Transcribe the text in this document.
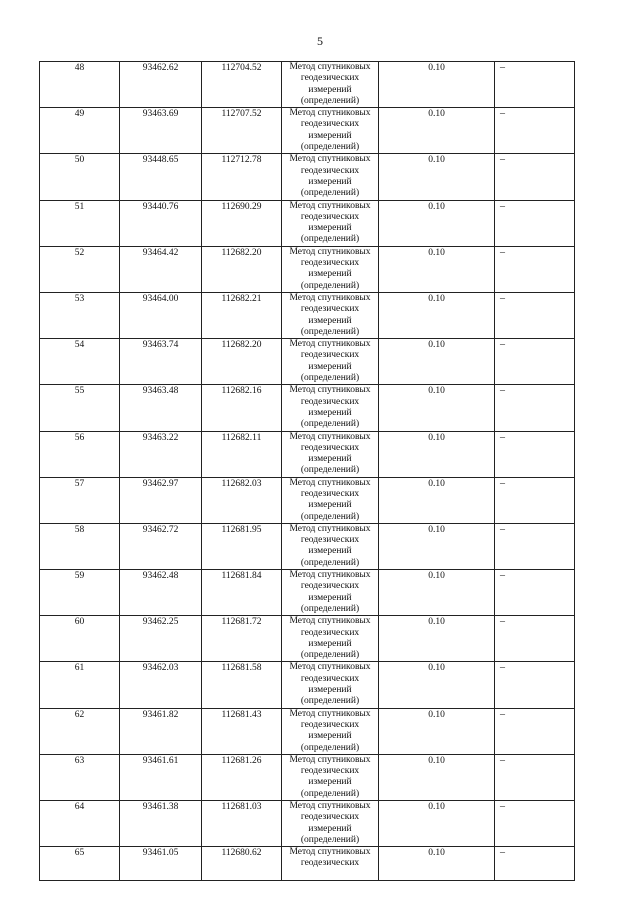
5
48	93462.62	112704.52	Метод спутниковых геодезических измерений (определений)	0.10	–
49	93463.69	112707.52	Метод спутниковых геодезических измерений (определений)	0.10	–
50	93448.65	112712.78	Метод спутниковых геодезических измерений (определений)	0.10	–
51	93440.76	112690.29	Метод спутниковых геодезических измерений (определений)	0.10	–
52	93464.42	112682.20	Метод спутниковых геодезических измерений (определений)	0.10	–
53	93464.00	112682.21	Метод спутниковых геодезических измерений (определений)	0.10	–
54	93463.74	112682.20	Метод спутниковых геодезических измерений (определений)	0.10	–
55	93463.48	112682.16	Метод спутниковых геодезических измерений (определений)	0.10	–
56	93463.22	112682.11	Метод спутниковых геодезических измерений (определений)	0.10	–
57	93462.97	112682.03	Метод спутниковых геодезических измерений (определений)	0.10	–
58	93462.72	112681.95	Метод спутниковых геодезических измерений (определений)	0.10	–
59	93462.48	112681.84	Метод спутниковых геодезических измерений (определений)	0.10	–
60	93462.25	112681.72	Метод спутниковых геодезических измерений (определений)	0.10	–
61	93462.03	112681.58	Метод спутниковых геодезических измерений (определений)	0.10	–
62	93461.82	112681.43	Метод спутниковых геодезических измерений (определений)	0.10	–
63	93461.61	112681.26	Метод спутниковых геодезических измерений (определений)	0.10	–
64	93461.38	112681.03	Метод спутниковых геодезических измерений (определений)	0.10	–
65	93461.05	112680.62	Метод спутниковых геодезических	0.10	–
